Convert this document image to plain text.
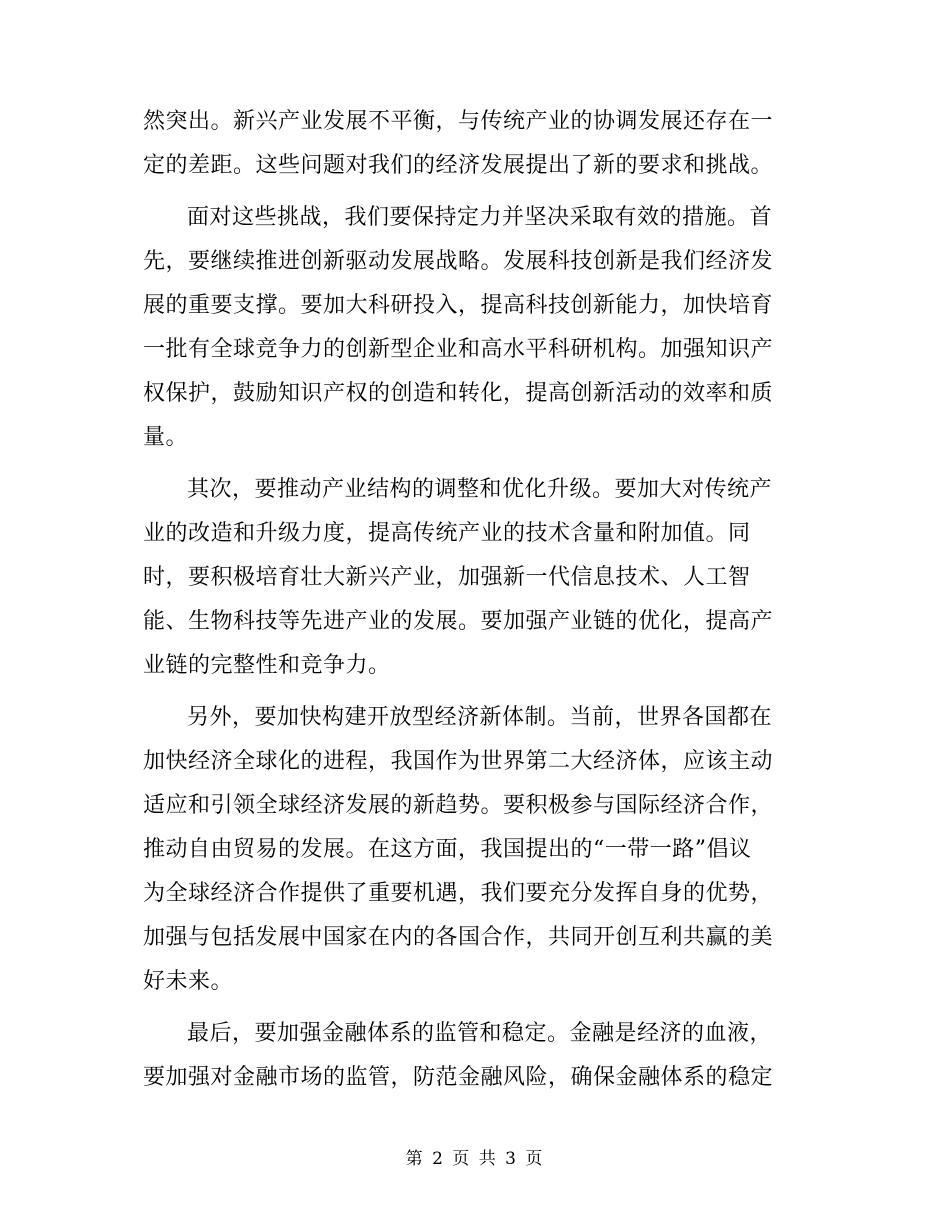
然突出。新兴产业发展不平衡，与传统产业的协调发展还存在一
定的差距。这些问题对我们的经济发展提出了新的要求和挑战。
面对这些挑战，我们要保持定力并坚决采取有效的措施。首
先，要继续推进创新驱动发展战略。发展科技创新是我们经济发
展的重要支撑。要加大科研投入，提高科技创新能力，加快培育
一批有全球竞争力的创新型企业和高水平科研机构。加强知识产
权保护，鼓励知识产权的创造和转化，提高创新活动的效率和质
量。
其次，要推动产业结构的调整和优化升级。要加大对传统产
业的改造和升级力度，提高传统产业的技术含量和附加值。同
时，要积极培育壮大新兴产业，加强新一代信息技术、人工智
能、生物科技等先进产业的发展。要加强产业链的优化，提高产
业链的完整性和竞争力。
另外，要加快构建开放型经济新体制。当前，世界各国都在
加快经济全球化的进程，我国作为世界第二大经济体，应该主动
适应和引领全球经济发展的新趋势。要积极参与国际经济合作，
推动自由贸易的发展。在这方面，我国提出的“一带一路”倡议
为全球经济合作提供了重要机遇，我们要充分发挥自身的优势，
加强与包括发展中国家在内的各国合作，共同开创互利共赢的美
好未来。
最后，要加强金融体系的监管和稳定。金融是经济的血液，
要加强对金融市场的监管，防范金融风险，确保金融体系的稳定
第 2 页 共 3 页
